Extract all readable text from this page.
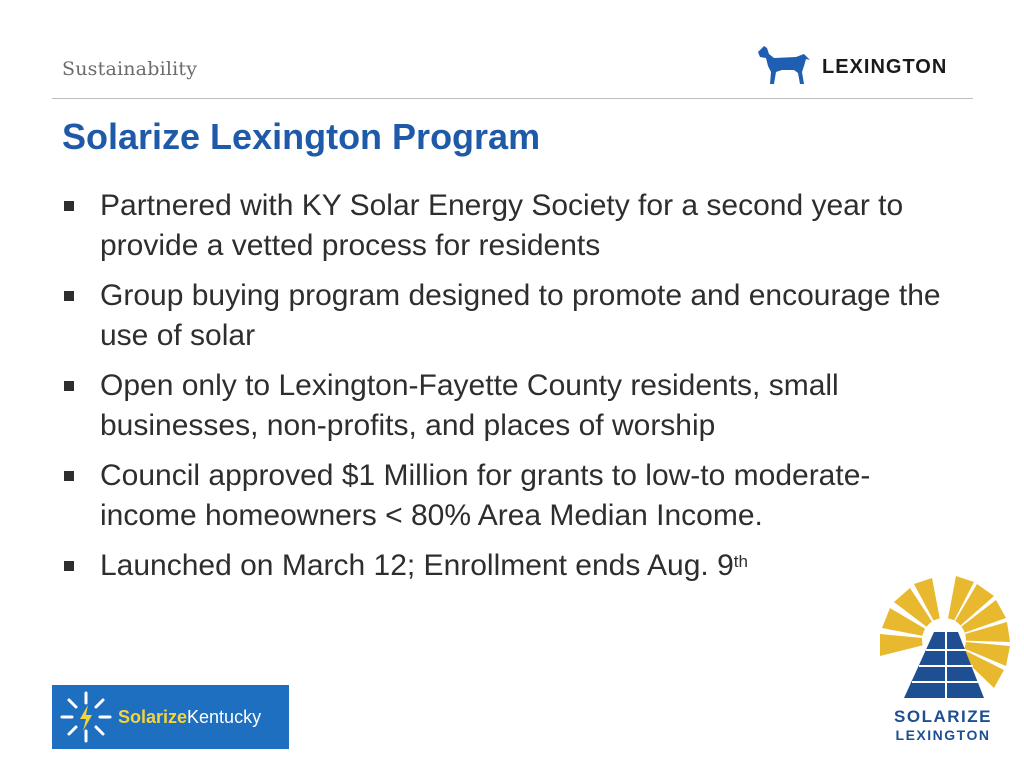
Sustainability	LEXINGTON
Solarize Lexington Program
Partnered with KY Solar Energy Society for a second year to provide a vetted process for residents
Group buying program designed to promote and encourage the use of solar
Open only to Lexington-Fayette County residents, small businesses, non-profits, and places of worship
Council approved $1 Million for grants to low-to moderate-income homeowners < 80% Area Median Income.
Launched on March 12; Enrollment ends Aug. 9th
SolarizeKentucky	SOLARIZE
LEXINGTON
